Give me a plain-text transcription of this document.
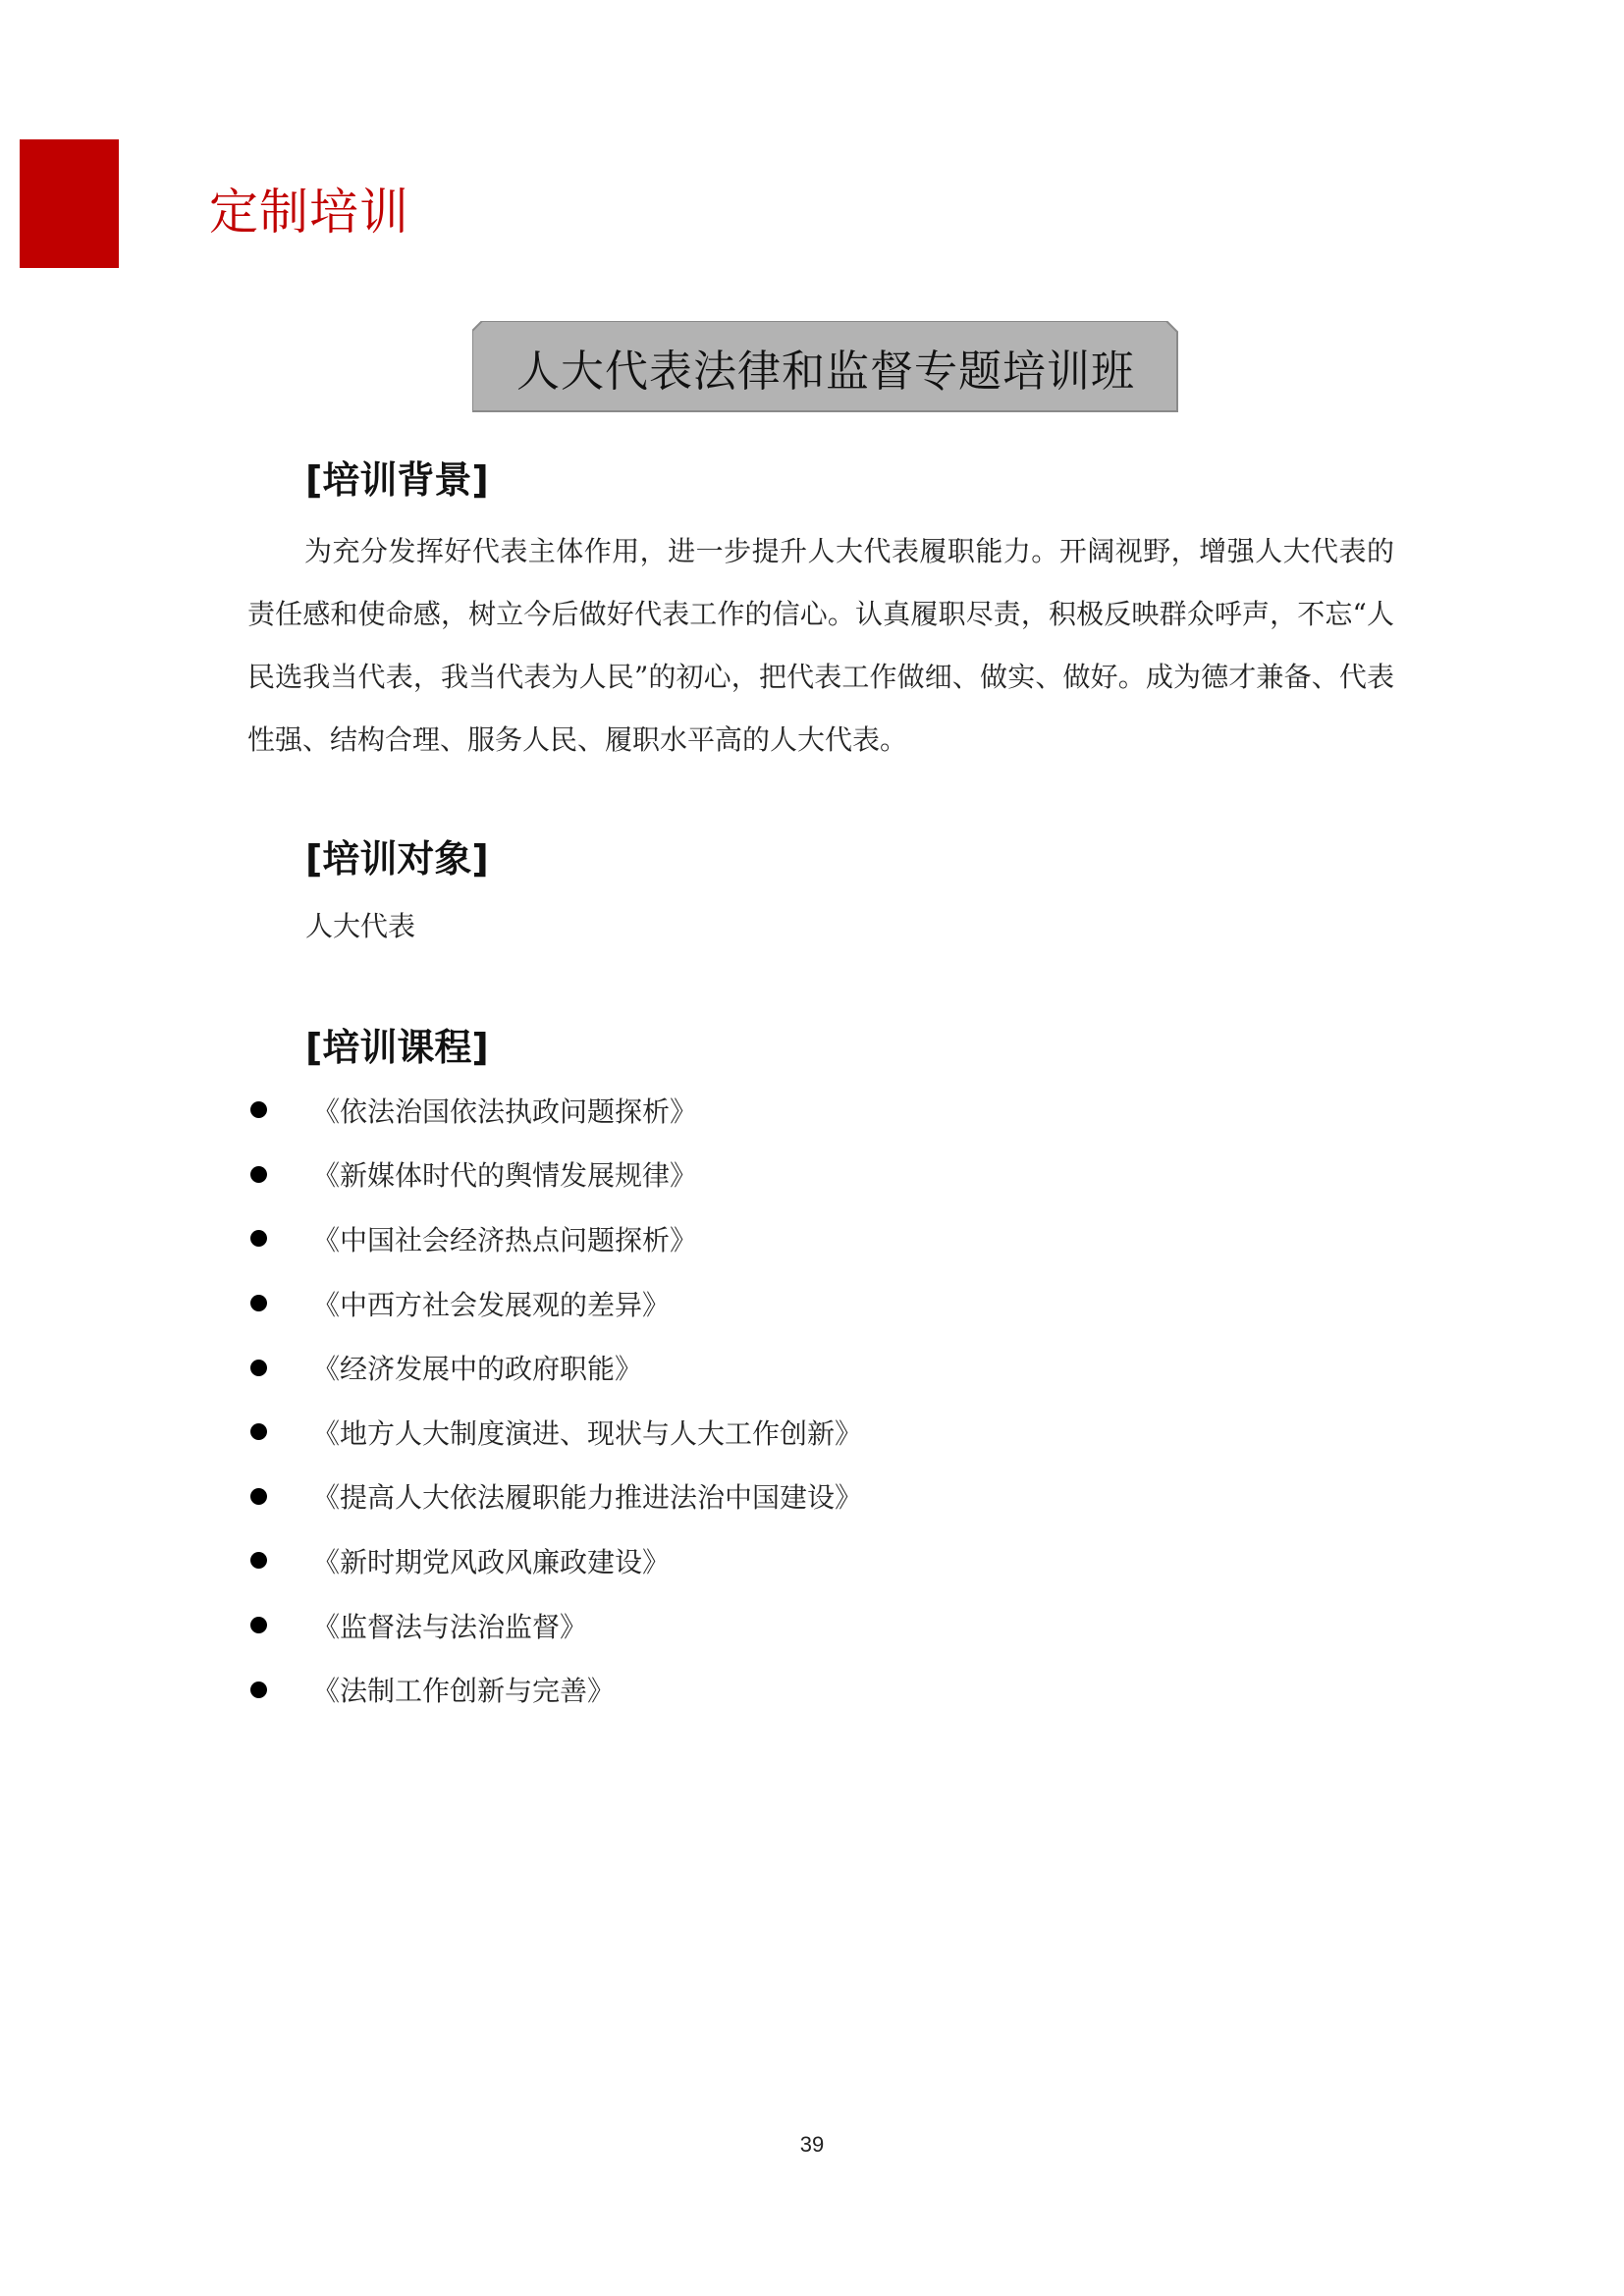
定制培训
人大代表法律和监督专题培训班
[培训背景]
为充分发挥好代表主体作用，进一步提升人大代表履职能力。开阔视野，增强人大代表的责任感和使命感，树立今后做好代表工作的信心。认真履职尽责，积极反映群众呼声，不忘“人民选我当代表，我当代表为人民”的初心，把代表工作做细、做实、做好。成为德才兼备、代表性强、结构合理、服务人民、履职水平高的人大代表。
[培训对象]
人大代表
[培训课程]
《依法治国依法执政问题探析》
《新媒体时代的舆情发展规律》
《中国社会经济热点问题探析》
《中西方社会发展观的差异》
《经济发展中的政府职能》
《地方人大制度演进、现状与人大工作创新》
《提高人大依法履职能力推进法治中国建设》
《新时期党风政风廉政建设》
《监督法与法治监督》
《法制工作创新与完善》
39
